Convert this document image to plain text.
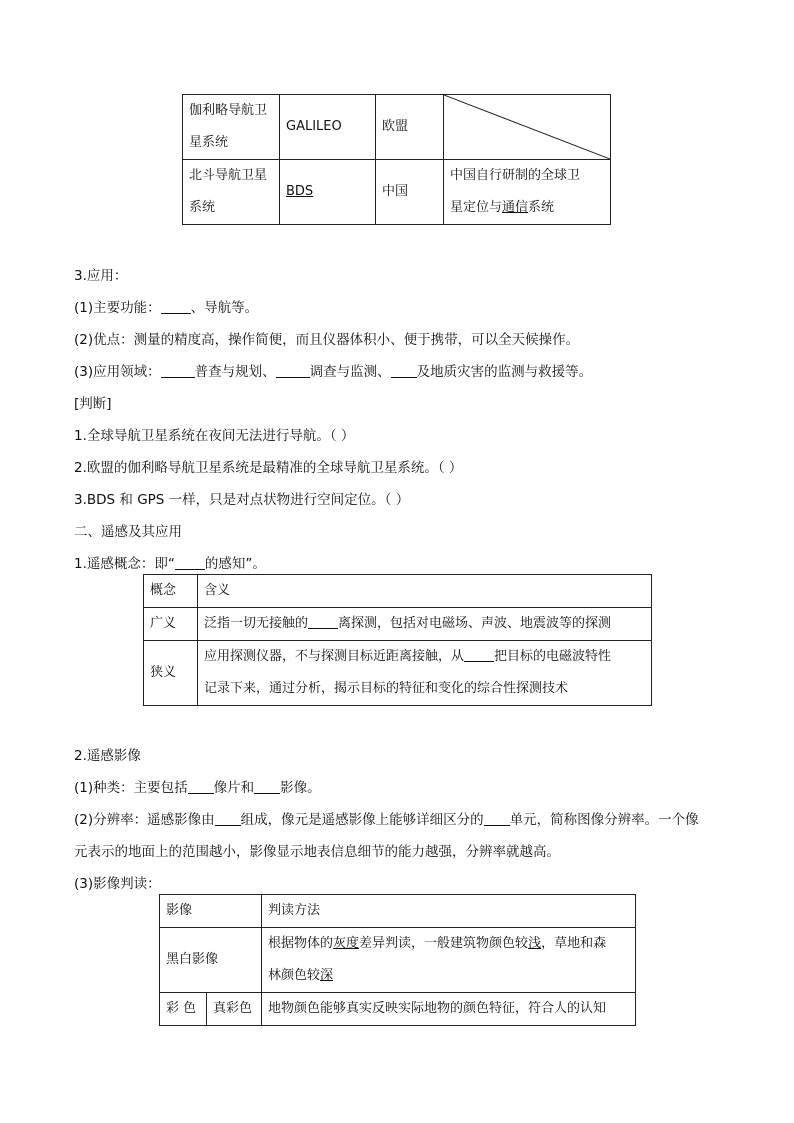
伽利略导航卫
星系统	GALILEO	欧盟	

北斗导航卫星
系统	BDS	中国	中国自行研制的全球卫
星定位与通信系统
3.应用：
(1)主要功能： 、导航等。
(2)优点：测量的精度高，操作简便，而且仪器体积小、便于携带，可以全天候操作。
(3)应用领域：	普查与规划、	调查与监测、 及地质灾害的监测与救援等。
[判断]
1.全球导航卫星系统在夜间无法进行导航。（ ）
2.欧盟的伽利略导航卫星系统是最精准的全球导航卫星系统。（ ）
3.BDS 和 GPS 一样，只是对点状物进行空间定位。（ ）
二、遥感及其应用
1.遥感概念：即“ 的感知”。
概念	含义
广义	泛指一切无接触的 离探测，包括对电磁场、声波、地震波等的探测
狭义	应用探测仪器，不与探测目标近距离接触，从 把目标的电磁波特性
记录下来，通过分析，揭示目标的特征和变化的综合性探测技术
2.遥感影像
(1)种类：主要包括 像片和 影像。
(2)分辨率：遥感影像由 组成，像元是遥感影像上能够详细区分的 单元，简称图像分辨率。一个像
元表示的地面上的范围越小，影像显示地表信息细节的能力越强，分辨率就越高。
(3)影像判读：
影像		判读方法
黑白影像		根据物体的灰度差异判读，一般建筑物颜色较浅，草地和森
林颜色较深
彩 色	真彩色	地物颜色能够真实反映实际地物的颜色特征，符合人的认知
